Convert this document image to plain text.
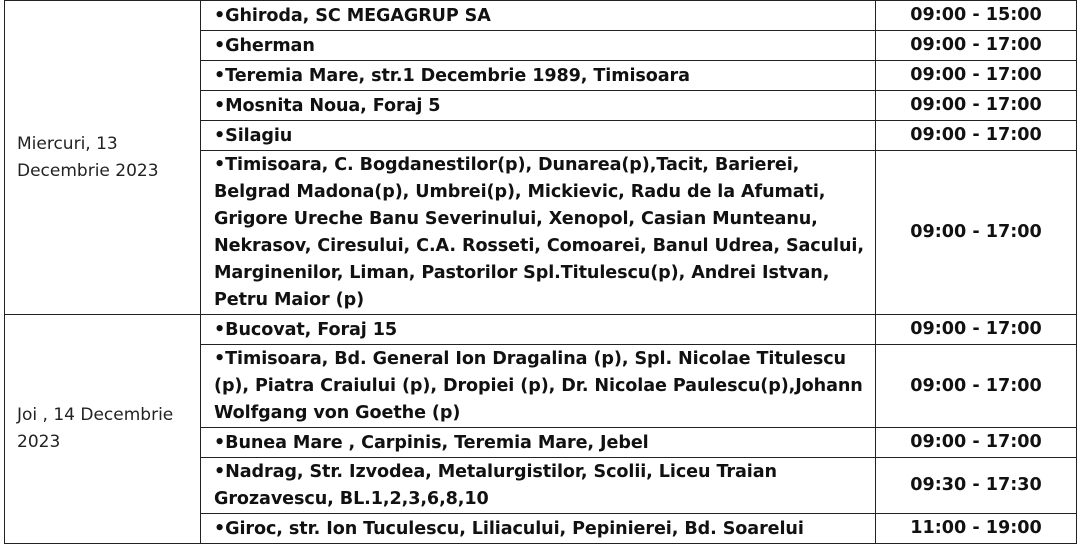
Miercuri, 13 Decembrie 2023	•Ghiroda, SC MEGAGRUP SA	09:00 - 15:00
	•Gherman	09:00 - 17:00
	•Teremia Mare, str.1 Decembrie 1989, Timisoara	09:00 - 17:00
	•Mosnita Noua, Foraj 5	09:00 - 17:00
	•Silagiu	09:00 - 17:00
	•Timisoara, C. Bogdanestilor(p), Dunarea(p),Tacit, Barierei, Belgrad Madona(p), Umbrei(p), Mickievic, Radu de la Afumati, Grigore Ureche Banu Severinului, Xenopol, Casian Munteanu, Nekrasov, Ciresului, C.A. Rosseti, Comoarei, Banul Udrea, Sacului, Marginenilor, Liman, Pastorilor Spl.Titulescu(p), Andrei Istvan, Petru Maior (p)	09:00 - 17:00
Joi , 14 Decembrie 2023	•Bucovat, Foraj 15	09:00 - 17:00
	•Timisoara, Bd. General Ion Dragalina (p), Spl. Nicolae Titulescu (p), Piatra Craiului (p), Dropiei (p), Dr. Nicolae Paulescu(p),Johann Wolfgang von Goethe (p)	09:00 - 17:00
	•Bunea Mare , Carpinis, Teremia Mare, Jebel	09:00 - 17:00
	•Nadrag, Str. Izvodea, Metalurgistilor, Scolii, Liceu Traian Grozavescu, BL.1,2,3,6,8,10	09:30 - 17:30
	•Giroc, str. Ion Tuculescu, Liliacului, Pepinierei, Bd. Soarelui	11:00 - 19:00
